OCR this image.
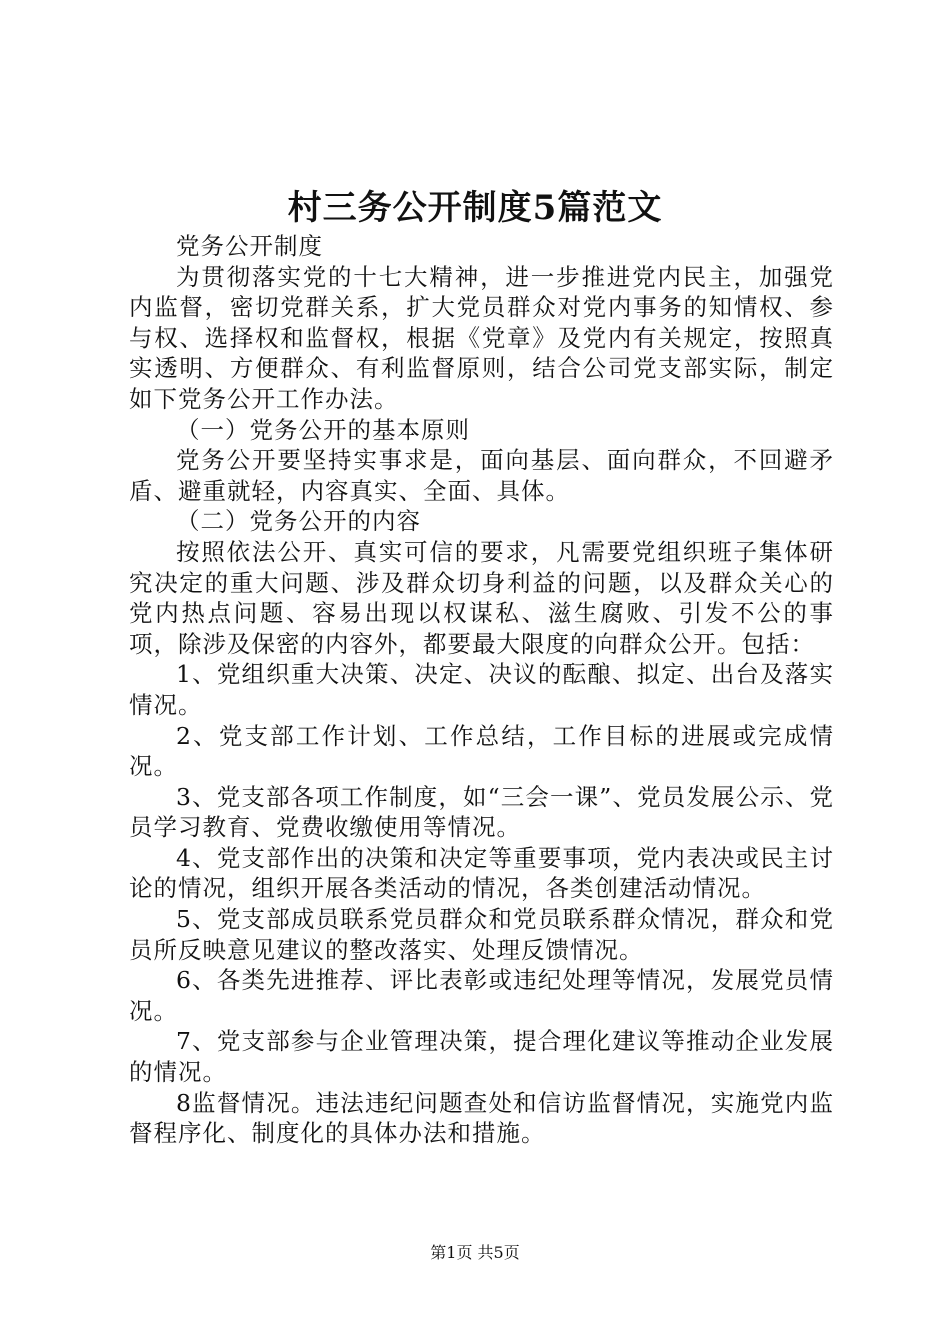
村三务公开制度5篇范文

党务公开制度

为贯彻落实党的十七大精神，进一步推进党内民主，加强党内监督，密切党群关系，扩大党员群众对党内事务的知情权、参与权、选择权和监督权，根据《党章》及党内有关规定，按照真实透明、方便群众、有利监督原则，结合公司党支部实际，制定如下党务公开工作办法。

（一）党务公开的基本原则

党务公开要坚持实事求是，面向基层、面向群众，不回避矛盾、避重就轻，内容真实、全面、具体。

（二）党务公开的内容

按照依法公开、真实可信的要求，凡需要党组织班子集体研究决定的重大问题、涉及群众切身利益的问题，以及群众关心的党内热点问题、容易出现以权谋私、滋生腐败、引发不公的事项，除涉及保密的内容外，都要最大限度的向群众公开。包括：

1、党组织重大决策、决定、决议的酝酿、拟定、出台及落实情况。

2、党支部工作计划、工作总结，工作目标的进展或完成情况。

3、党支部各项工作制度，如“三会一课”、党员发展公示、党员学习教育、党费收缴使用等情况。

4、党支部作出的决策和决定等重要事项，党内表决或民主讨论的情况，组织开展各类活动的情况，各类创建活动情况。

5、党支部成员联系党员群众和党员联系群众情况，群众和党员所反映意见建议的整改落实、处理反馈情况。

6、各类先进推荐、评比表彰或违纪处理等情况，发展党员情况。

7、党支部参与企业管理决策，提合理化建议等推动企业发展的情况。

8监督情况。违法违纪问题查处和信访监督情况，实施党内监督程序化、制度化的具体办法和措施。

第1页 共5页
